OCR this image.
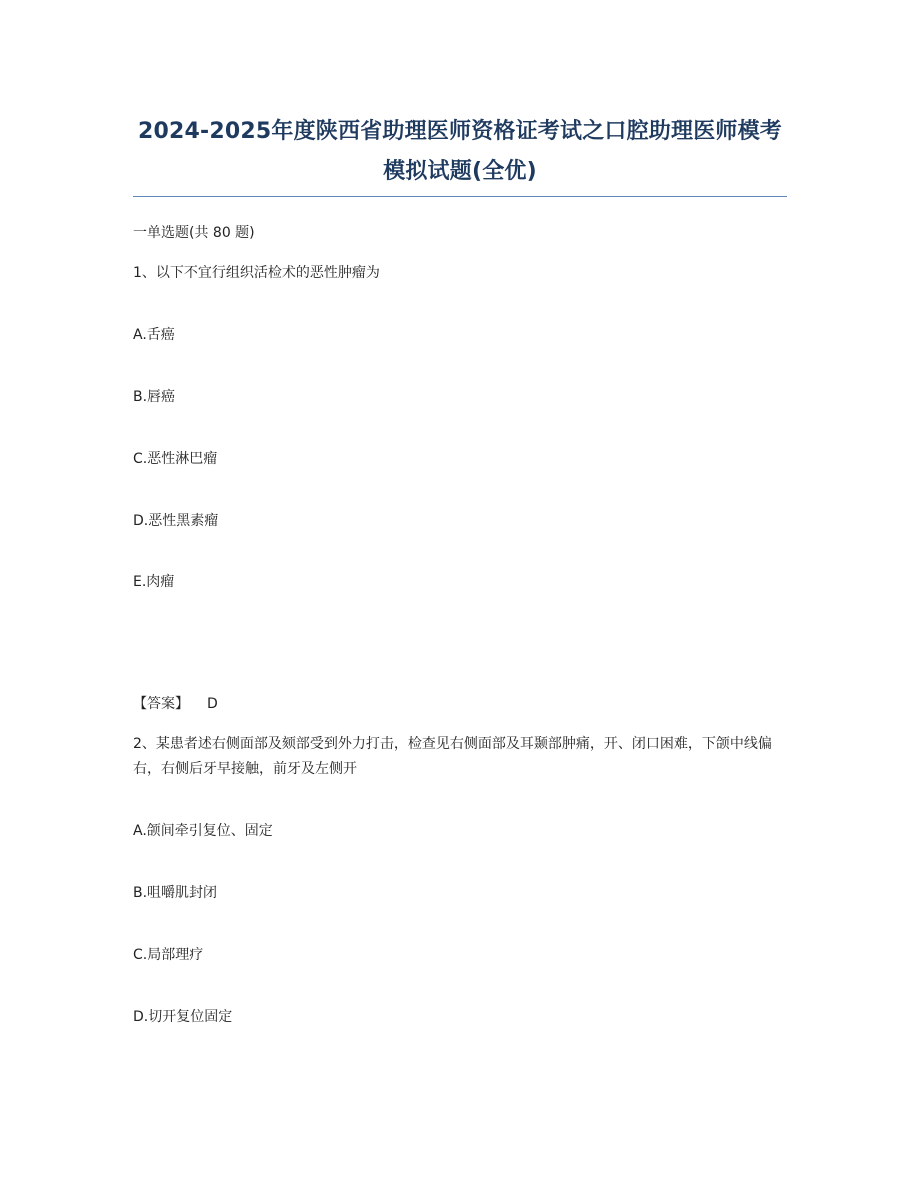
2024-2025年度陕西省助理医师资格证考试之口腔助理医师模考模拟试题(全优)
一单选题(共 80 题)
1、以下不宜行组织活检术的恶性肿瘤为
A.舌癌
B.唇癌
C.恶性淋巴瘤
D.恶性黑素瘤
E.肉瘤
【答案】 D
2、某患者述右侧面部及颏部受到外力打击，检查见右侧面部及耳颞部肿痛，开、闭口困难，下颌中线偏右，右侧后牙早接触，前牙及左侧开
A.颌间牵引复位、固定
B.咀嚼肌封闭
C.局部理疗
D.切开复位固定
